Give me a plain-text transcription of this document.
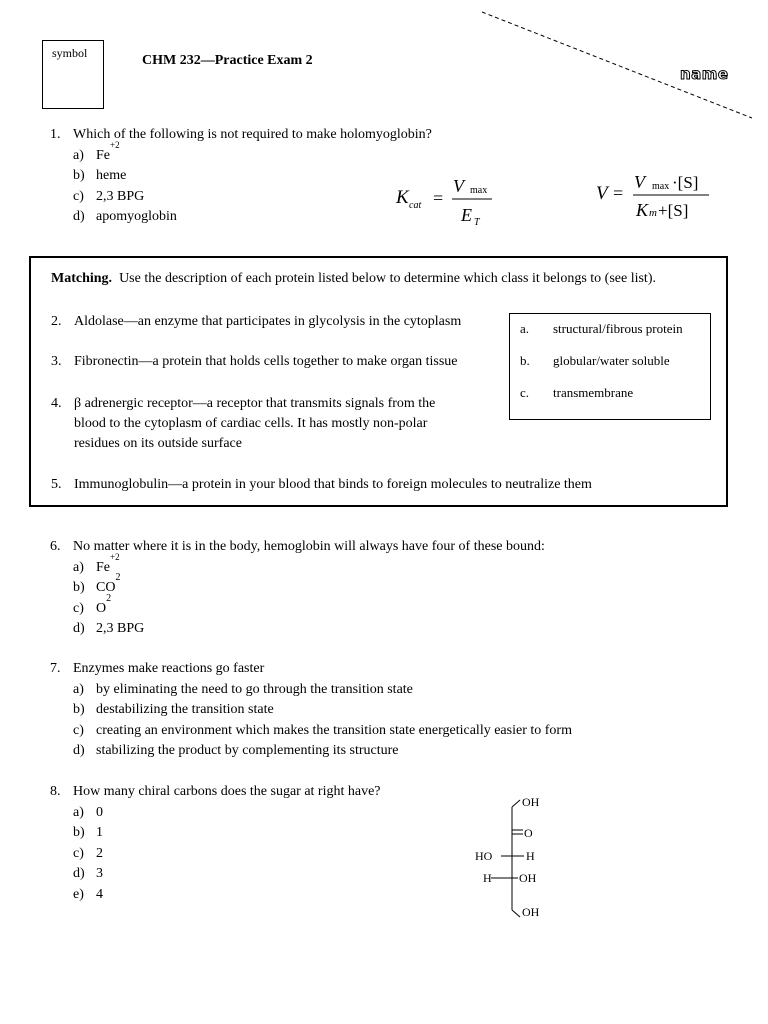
symbol	CHM 232—Practice Exam 2
name
1. Which of the following is not required to make holomyoglobin?
a) Fe
$^{+2}$
b) heme
c) 2,3 BPG
d) apomyoglobin
K cat =
V max
E T
V =
V max ·[S]
K m +[S]
Matching. Use the description of each protein listed below to determine which class it belongs to (see list).
2. Aldolase—an enzyme that participates in glycolysis in the cytoplasm
3. Fibronectin—a protein that holds cells together to make organ tissue
4. β adrenergic receptor—a receptor that transmits signals from the
blood to the cytoplasm of cardiac cells. It has mostly non-polar
residues on its outside surface
5. Immunoglobulin—a protein in your blood that binds to foreign molecules to neutralize them
a.	structural/fibrous protein
b.	globular/water soluble
c.	transmembrane
6. No matter where it is in the body, hemoglobin will always have four of these bound:
a) Fe
$^{+2}$
b) CO
2
c) O
2
d) 2,3 BPG
7. Enzymes make reactions go faster
a) by eliminating the need to go through the transition state
b) destabilizing the transition state
c) creating an environment which makes the transition state energetically easier to form
d) stabilizing the product by complementing its structure
8. How many chiral carbons does the sugar at right have?
a) 0
b) 1
c) 2
d) 3
e) 4
OH
O
HO	H
H OH
OH
